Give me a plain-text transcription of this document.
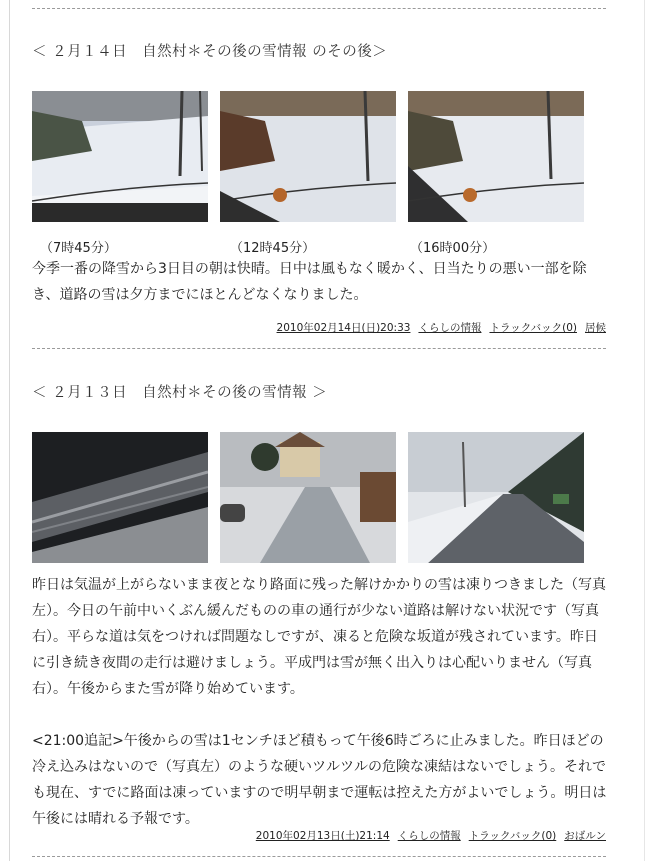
＜ ２月１４日　自然村＊その後の雪情報 のその後＞
（7時45分）	（12時45分）	（16時00分）

今季一番の降雪から3日目の朝は快晴。日中は風もなく暖かく、日当たりの悪い一部を除き、道路の雪は夕方までにほとんどなくなりました。

2010年02月14日(日)20:33 くらしの情報 トラックバック(0) 居候
＜ ２月１３日　自然村＊その後の雪情報 ＞

昨日は気温が上がらないまま夜となり路面に残った解けかかりの雪は凍りつきました（写真左）。今日の午前中いくぶん緩んだものの車の通行が少ない道路は解けない状況です（写真右）。平らな道は気をつければ問題なしですが、凍ると危険な坂道が残されています。昨日に引き続き夜間の走行は避けましょう。平成門は雪が無く出入りは心配いりません（写真右）。午後からまた雪が降り始めています。

<21:00追記>午後からの雪は1センチほど積もって午後6時ごろに止みました。昨日ほどの冷え込みはないので（写真左）のような硬いツルツルの危険な凍結はないでしょう。それでも現在、すでに路面は凍っていますので明早朝まで運転は控えた方がよいでしょう。明日は午後には晴れる予報です。

2010年02月13日(土)21:14 くらしの情報 トラックバック(0) おばルン
